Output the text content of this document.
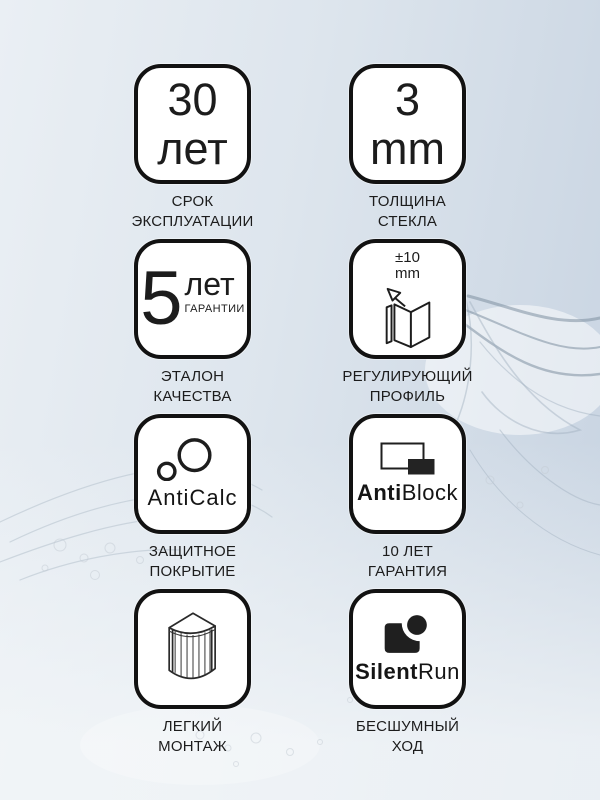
30
лет
СРОК
ЭКСПЛУАТАЦИИ
3
mm
ТОЛЩИНА
СТЕКЛА
5 лет
ГАРАНТИИ
ЭТАЛОН
КАЧЕСТВА
±10
mm
РЕГУЛИРУЮЩИЙ
ПРОФИЛЬ
AntiCalc
ЗАЩИТНОЕ
ПОКРЫТИЕ
AntiBlock
10 ЛЕТ
ГАРАНТИЯ
ЛЕГКИЙ
МОНТАЖ
SilentRun
БЕСШУМНЫЙ
ХОД
